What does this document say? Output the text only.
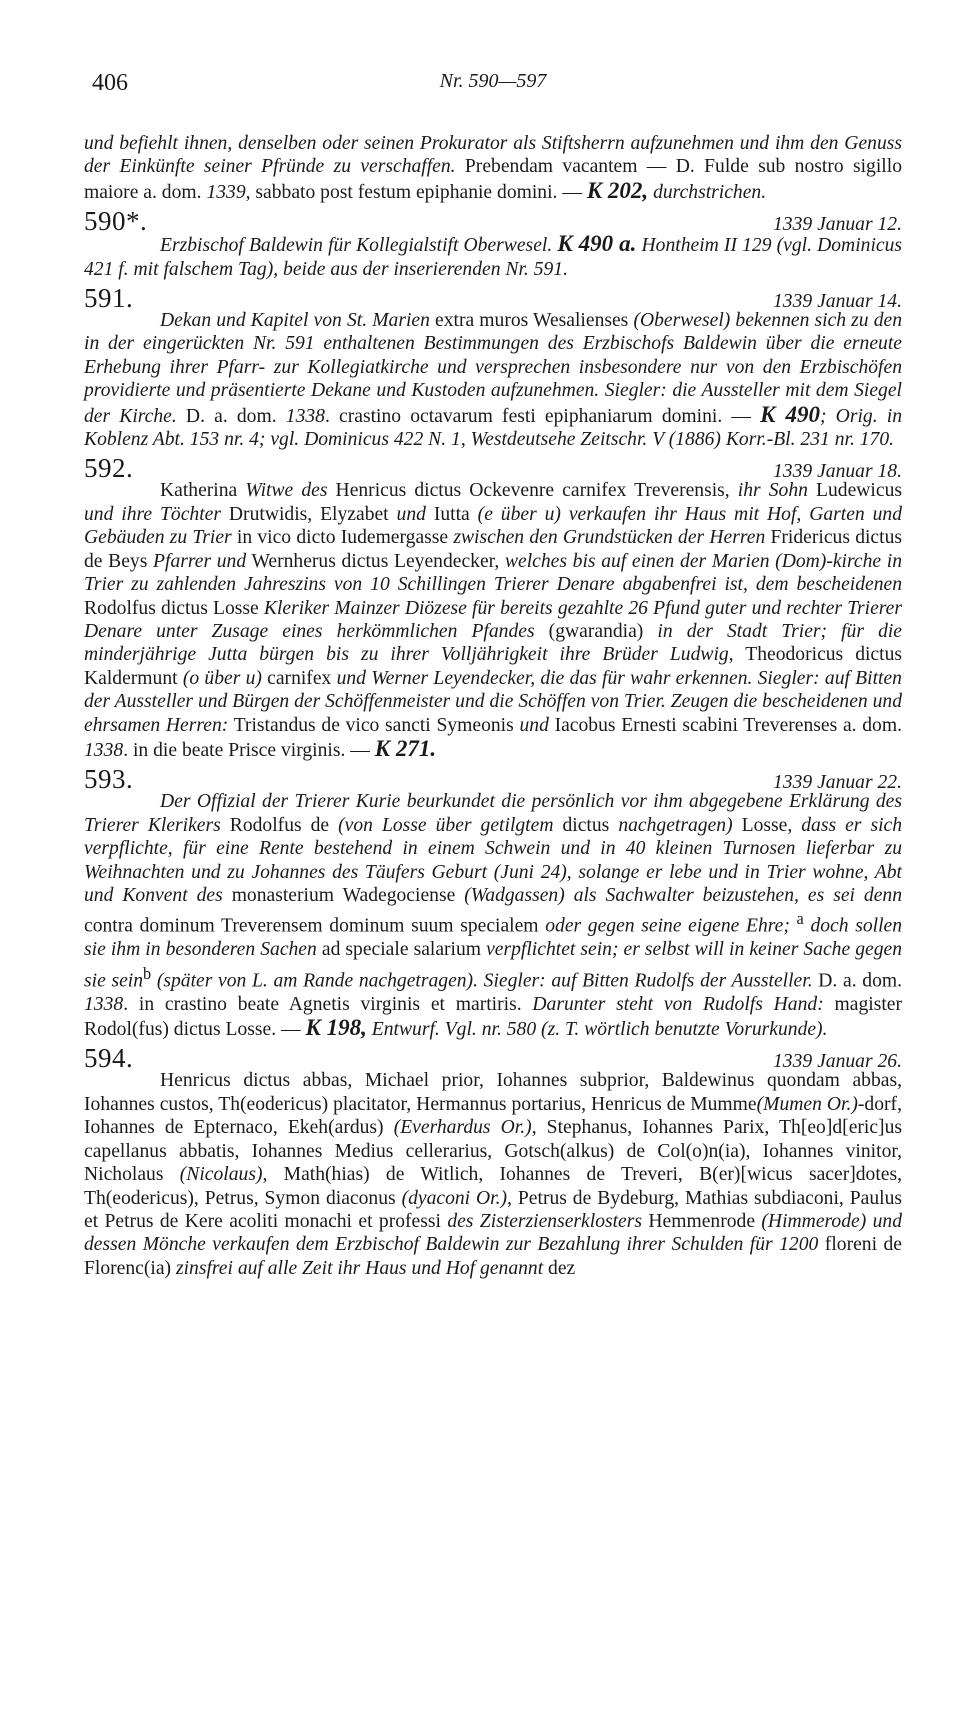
406	Nr. 590—597

und befiehlt ihnen, denselben oder seinen Prokurator als Stiftsherrn aufzunehmen und ihm den Genuss der Einkünfte seiner Pfründe zu verschaffen. Prebendam vacantem — D. Fulde sub nostro sigillo maiore a. dom. 1339, sabbato post festum epiphanie domini. — K 202, durchstrichen.

590*.	1339 Januar 12.

Erzbischof Baldewin für Kollegialstift Oberwesel. K 490 a. Hontheim II 129 (vgl. Dominicus 421 f. mit falschem Tag), beide aus der inserierenden Nr. 591.

591.	1339 Januar 14.

Dekan und Kapitel von St. Marien extra muros Wesalienses (Oberwesel) bekennen sich zu den in der eingerückten Nr. 591 enthaltenen Bestimmungen des Erzbischofs Baldewin über die erneute Erhebung ihrer Pfarr- zur Kollegiatkirche und versprechen insbesondere nur von den Erzbischöfen providierte und präsentierte Dekane und Kustoden aufzunehmen. Siegler: die Aussteller mit dem Siegel der Kirche. D. a. dom. 1338. crastino octavarum festi epiphaniarum domini. — K 490; Orig. in Koblenz Abt. 153 nr. 4; vgl. Dominicus 422 N. 1, Westdeutsehe Zeitschr. V (1886) Korr.-Bl. 231 nr. 170.

592.	1339 Januar 18.

Katherina Witwe des Henricus dictus Ockevenre carnifex Treverensis, ihr Sohn Ludewicus und ihre Töchter Drutwidis, Elyzabet und Iutta (e über u) verkaufen ihr Haus mit Hof, Garten und Gebäuden zu Trier in vico dicto Iudemergasse zwischen den Grundstücken der Herren Fridericus dictus de Beys Pfarrer und Wernherus dictus Leyendecker, welches bis auf einen der Marien (Dom)-kirche in Trier zu zahlenden Jahreszins von 10 Schillingen Trierer Denare abgabenfrei ist, dem bescheidenen Rodolfus dictus Losse Kleriker Mainzer Diözese für bereits gezahlte 26 Pfund guter und rechter Trierer Denare unter Zusage eines herkömmlichen Pfandes (gwarandia) in der Stadt Trier; für die minderjährige Jutta bürgen bis zu ihrer Volljährigkeit ihre Brüder Ludwig, Theodoricus dictus Kaldermunt (o über u) carnifex und Werner Leyendecker, die das für wahr erkennen. Siegler: auf Bitten der Aussteller und Bürgen der Schöffenmeister und die Schöffen von Trier. Zeugen die bescheidenen und ehrsamen Herren: Tristandus de vico sancti Symeonis und Iacobus Ernesti scabini Treverenses a. dom. 1338. in die beate Prisce virginis. — K 271.

593.	1339 Januar 22.

Der Offizial der Trierer Kurie beurkundet die persönlich vor ihm abgegebene Erklärung des Trierer Klerikers Rodolfus de (von Losse über getilgtem dictus nachgetragen) Losse, dass er sich verpflichte, für eine Rente bestehend in einem Schwein und in 40 kleinen Turnosen lieferbar zu Weihnachten und zu Johannes des Täufers Geburt (Juni 24), solange er lebe und in Trier wohne, Abt und Konvent des monasterium Wadegociense (Wadgassen) als Sachwalter beizustehen, es sei denn contra dominum Treverensem dominum suum specialem oder gegen seine eigene Ehre; $^a$ doch sollen sie ihm in besonderen Sachen ad speciale salarium verpflichtet sein; er selbst will in keiner Sache gegen sie sein$^b$ (später von L. am Rande nachgetragen). Siegler: auf Bitten Rudolfs der Aussteller. D. a. dom. 1338. in crastino beate Agnetis virginis et martiris. Darunter steht von Rudolfs Hand: magister Rodol(fus) dictus Losse. — K 198, Entwurf. Vgl. nr. 580 (z. T. wörtlich benutzte Vorurkunde).

594.	1339 Januar 26.

Henricus dictus abbas, Michael prior, Iohannes subprior, Baldewinus quondam abbas, Iohannes custos, Th(eodericus) placitator, Hermannus portarius, Henricus de Mumme(Mumen Or.)-dorf, Iohannes de Epternaco, Ekeh(ardus) (Everhardus Or.), Stephanus, Iohannes Parix, Th[eo]d[eric]us capellanus abbatis, Iohannes Medius cellerarius, Gotsch(alkus) de Col(o)n(ia), Iohannes vinitor, Nicholaus (Nicolaus), Math(hias) de Witlich, Iohannes de Treveri, B(er)[wicus sacer]dotes, Th(eodericus), Petrus, Symon diaconus (dyaconi Or.), Petrus de Bydeburg, Mathias subdiaconi, Paulus et Petrus de Kere acoliti monachi et professi des Zisterzienserklosters Hemmenrode (Himmerode) und dessen Mönche verkaufen dem Erzbischof Baldewin zur Bezahlung ihrer Schulden für 1200 floreni de Florenc(ia) zinsfrei auf alle Zeit ihr Haus und Hof genannt dez
